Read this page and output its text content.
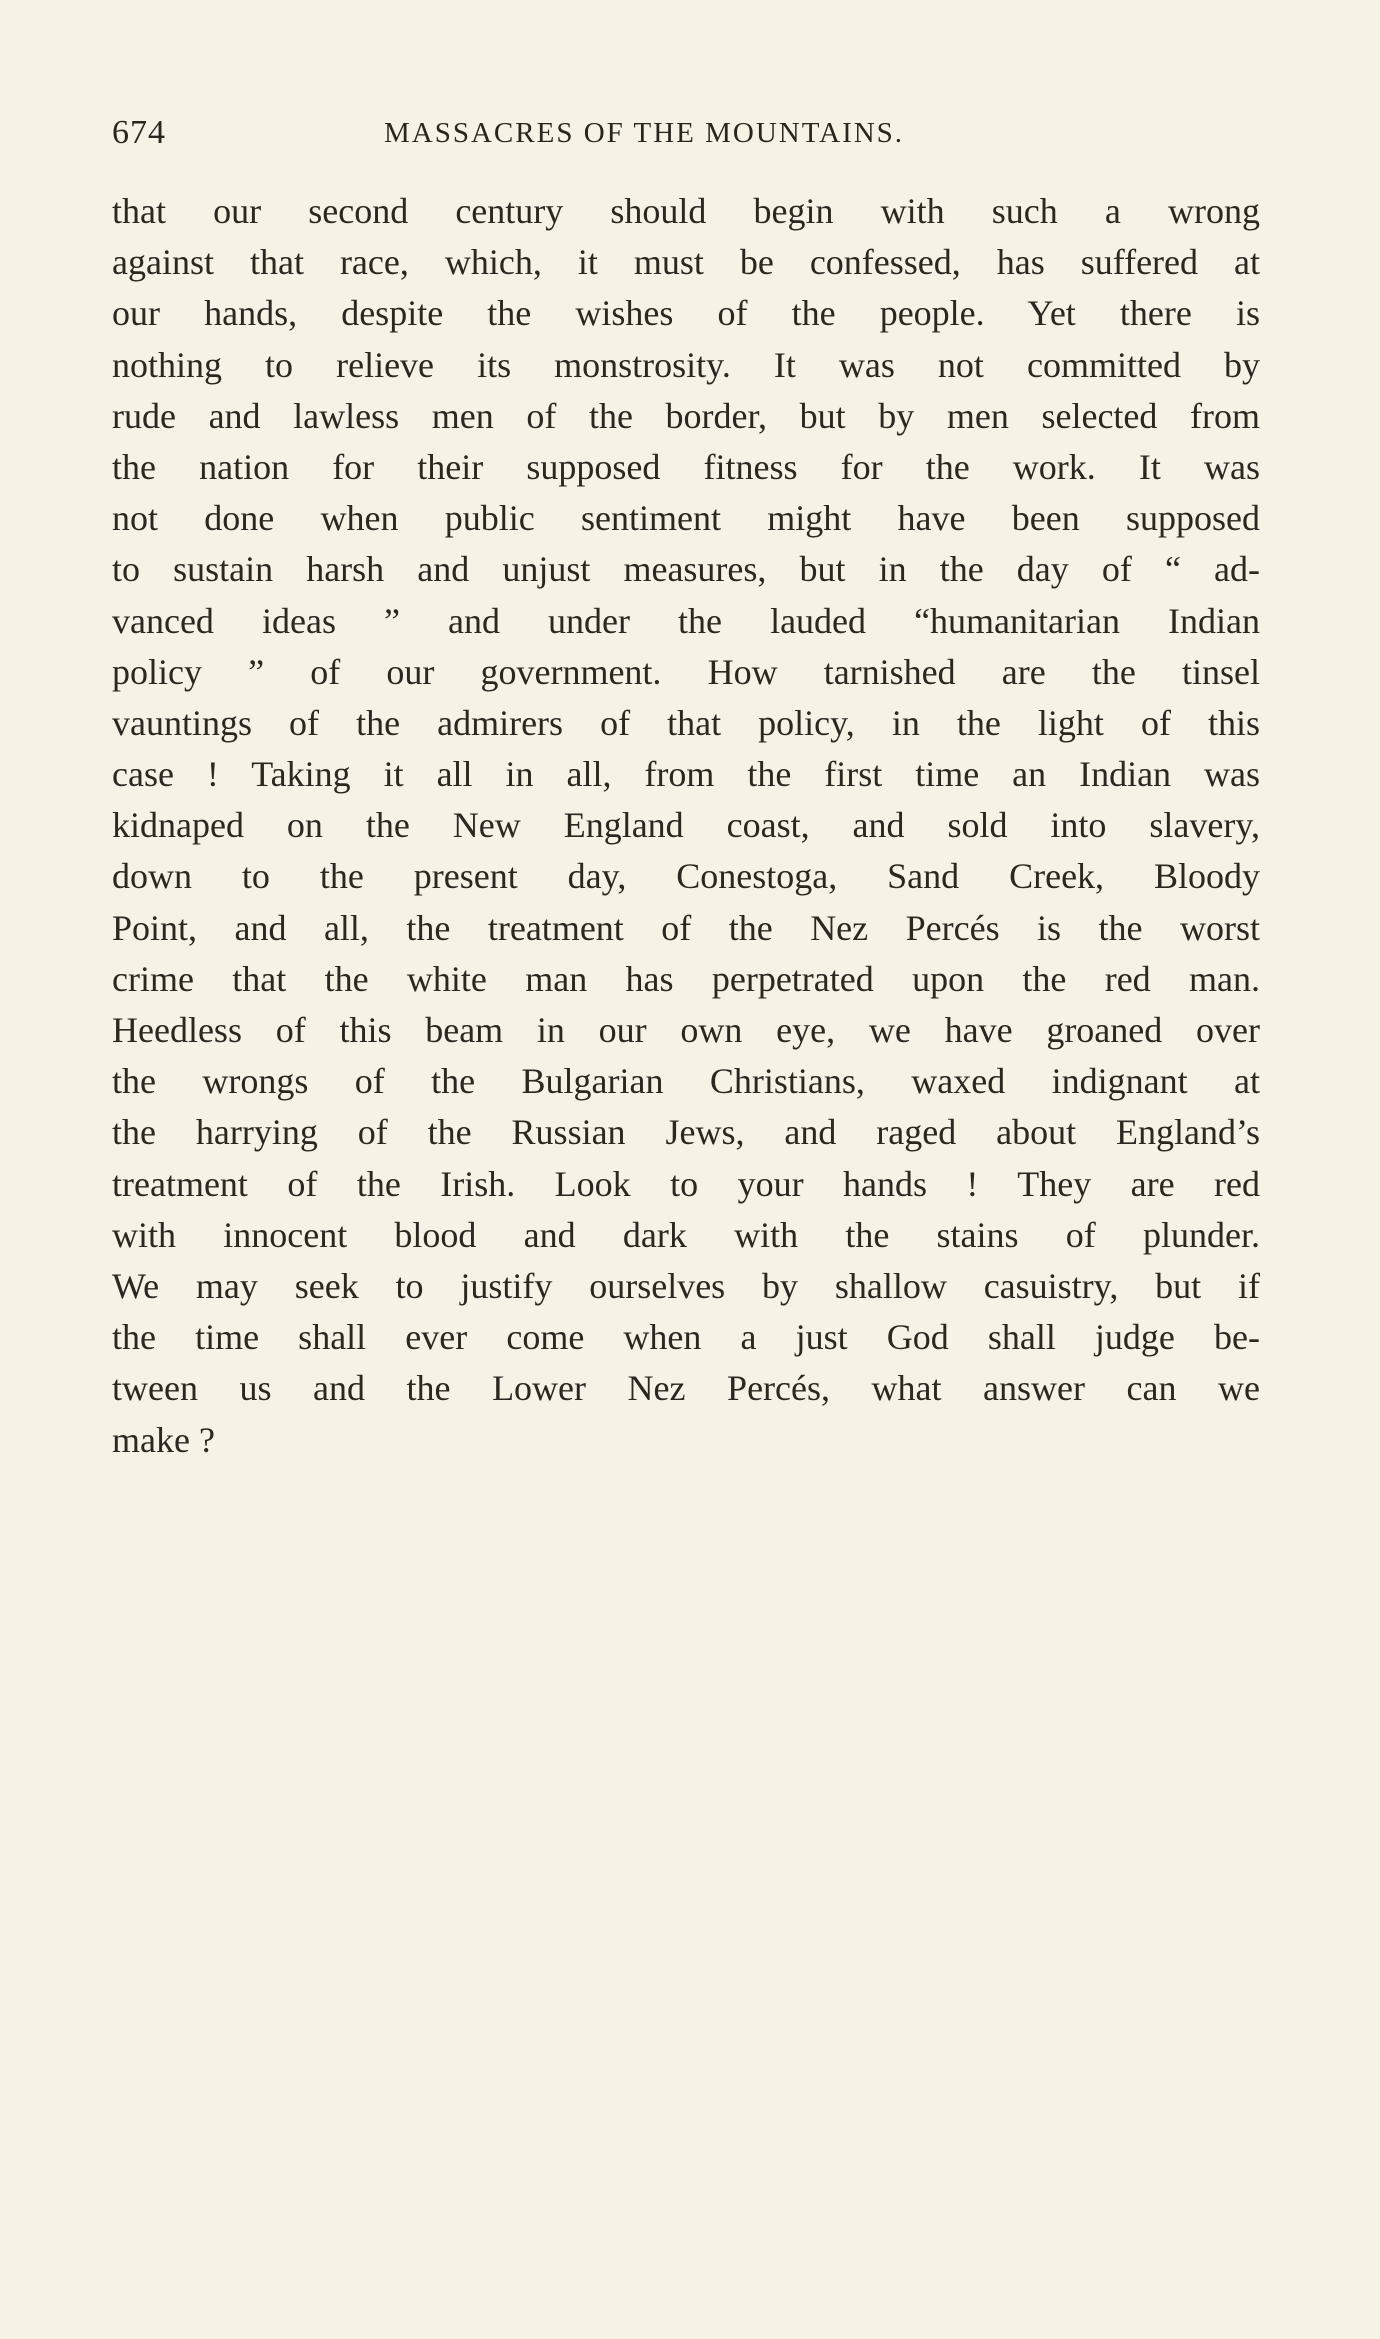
674	MASSACRES OF THE MOUNTAINS.
that our second century should begin with such a wrong
against that race, which, it must be confessed, has suffered at
our hands, despite the wishes of the people. Yet there is
nothing to relieve its monstrosity. It was not committed by
rude and lawless men of the border, but by men selected from
the nation for their supposed fitness for the work. It was
not done when public sentiment might have been supposed
to sustain harsh and unjust measures, but in the day of “ ad-
vanced ideas ” and under the lauded “humanitarian Indian
policy ” of our government. How tarnished are the tinsel
vauntings of the admirers of that policy, in the light of this
case ! Taking it all in all, from the first time an Indian was
kidnaped on the New England coast, and sold into slavery,
down to the present day, Conestoga, Sand Creek, Bloody
Point, and all, the treatment of the Nez Percés is the worst
crime that the white man has perpetrated upon the red man.
Heedless of this beam in our own eye, we have groaned over
the wrongs of the Bulgarian Christians, waxed indignant at
the harrying of the Russian Jews, and raged about England’s
treatment of the Irish. Look to your hands ! They are red
with innocent blood and dark with the stains of plunder.
We may seek to justify ourselves by shallow casuistry, but if
the time shall ever come when a just God shall judge be-
tween us and the Lower Nez Percés, what answer can we
make ?
